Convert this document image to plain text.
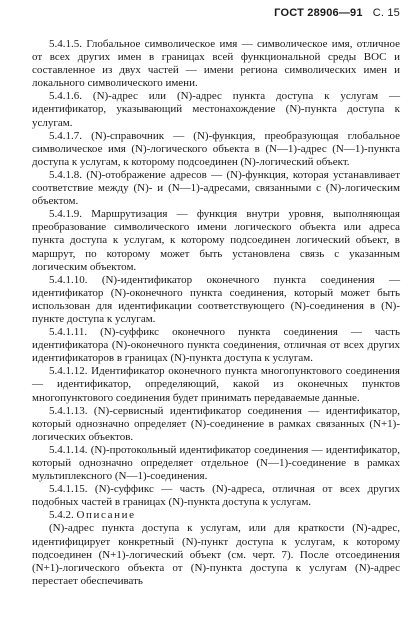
ГОСТ 28906—91 С. 15

5.4.1.5. Глобальное символическое имя — символическое имя, отличное от всех других имен в границах всей функциональной среды ВОС и составленное из двух частей — имени региона символических имен и локального символического имени.

5.4.1.6. (N)-адрес или (N)-адрес пункта доступа к услугам — идентификатор, указывающий местонахождение (N)-пункта доступа к услугам.

5.4.1.7. (N)-справочник — (N)-функция, преобразующая глобальное символическое имя (N)-логического объекта в (N—1)-адрес (N—1)-пункта доступа к услугам, к которому подсоединен (N)-логический объект.

5.4.1.8. (N)-отображение адресов — (N)-функция, которая устанавливает соответствие между (N)- и (N—1)-адресами, связанными с (N)-логическим объектом.

5.4.1.9. Маршрутизация — функция внутри уровня, выполняющая преобразование символического имени логического объекта или адреса пункта доступа к услугам, к которому подсоединен логический объект, в маршрут, по которому может быть установлена связь с указанным логическим объектом.

5.4.1.10. (N)-идентификатор оконечного пункта соединения — идентификатор (N)-оконечного пункта соединения, который может быть использован для идентификации соответствующего (N)-соединения в (N)-пункте доступа к услугам.

5.4.1.11. (N)-суффикс оконечного пункта соединения — часть идентификатора (N)-оконечного пункта соединения, отличная от всех других идентификаторов в границах (N)-пункта доступа к услугам.

5.4.1.12. Идентификатор оконечного пункта многопунктового соединения — идентификатор, определяющий, какой из оконечных пунктов многопунктового соединения будет принимать передаваемые данные.

5.4.1.13. (N)-сервисный идентификатор соединения — идентификатор, который однозначно определяет (N)-соединение в рамках связанных (N+1)-логических объектов.

5.4.1.14. (N)-протокольный идентификатор соединения — идентификатор, который однозначно определяет отдельное (N—1)-соединение в рамках мультиплексного (N—1)-соединения.

5.4.1.15. (N)-суффикс — часть (N)-адреса, отличная от всех других подобных частей в границах (N)-пункта доступа к услугам.

5.4.2. Описание

(N)-адрес пункта доступа к услугам, или для краткости (N)-адрес, идентифицирует конкретный (N)-пункт доступа к услугам, к которому подсоединен (N+1)-логический объект (см. черт. 7). После отсоединения (N+1)-логического объекта от (N)-пункта доступа к услугам (N)-адрес перестает обеспечивать
